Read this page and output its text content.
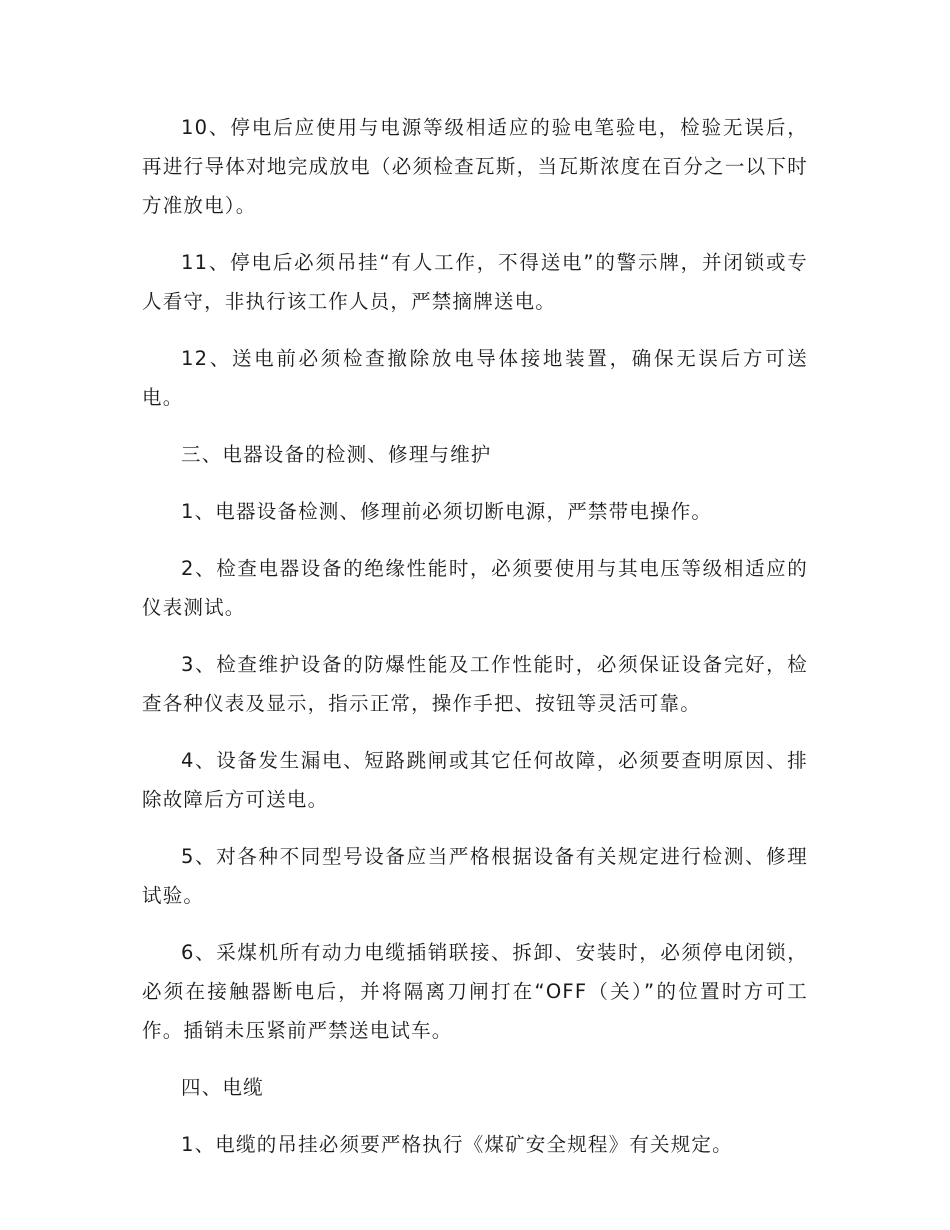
10、停电后应使用与电源等级相适应的验电笔验电，检验无误后，再进行导体对地完成放电（必须检查瓦斯，当瓦斯浓度在百分之一以下时方准放电）。

11、停电后必须吊挂“有人工作，不得送电”的警示牌，并闭锁或专人看守，非执行该工作人员，严禁摘牌送电。

12、送电前必须检查撤除放电导体接地装置，确保无误后方可送电。

三、电器设备的检测、修理与维护

1、电器设备检测、修理前必须切断电源，严禁带电操作。

2、检查电器设备的绝缘性能时，必须要使用与其电压等级相适应的仪表测试。

3、检查维护设备的防爆性能及工作性能时，必须保证设备完好，检查各种仪表及显示，指示正常，操作手把、按钮等灵活可靠。

4、设备发生漏电、短路跳闸或其它任何故障，必须要查明原因、排除故障后方可送电。

5、对各种不同型号设备应当严格根据设备有关规定进行检测、修理试验。

6、采煤机所有动力电缆插销联接、拆卸、安装时，必须停电闭锁，必须在接触器断电后，并将隔离刀闸打在“OFF（关）”的位置时方可工作。插销未压紧前严禁送电试车。

四、电缆

1、电缆的吊挂必须要严格执行《煤矿安全规程》有关规定。
